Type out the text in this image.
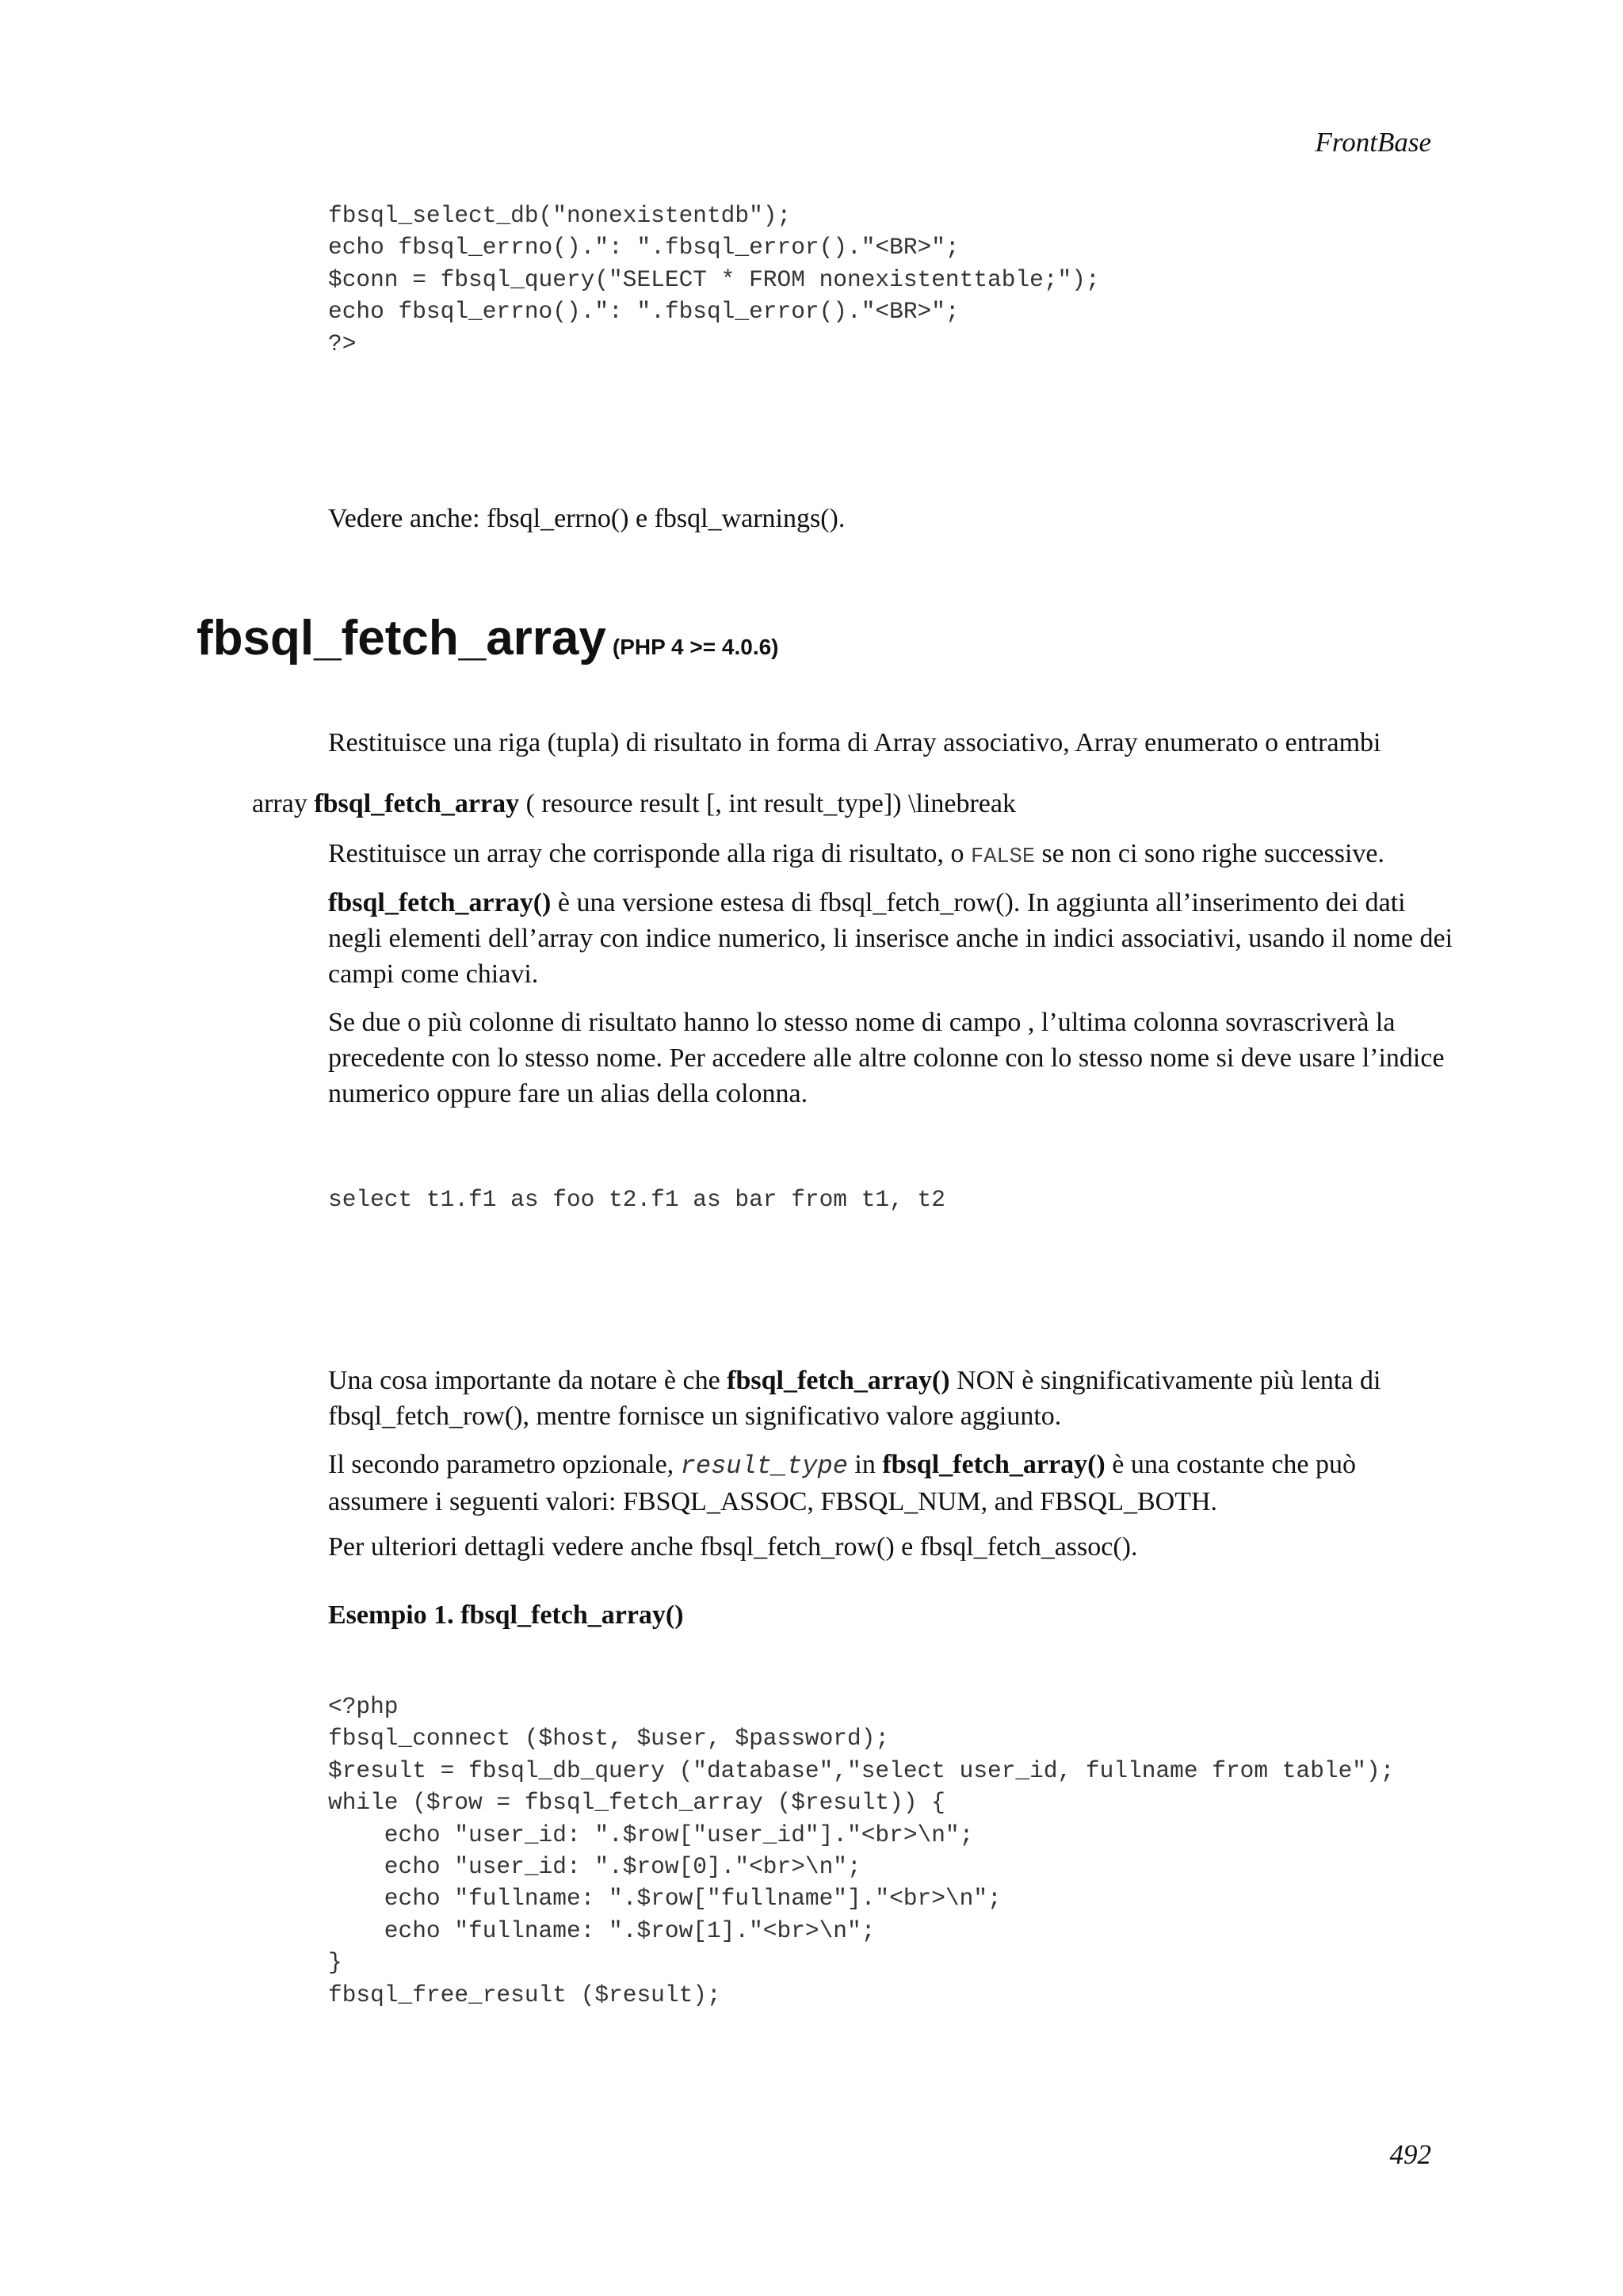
FrontBase
fbsql_select_db("nonexistentdb");
echo fbsql_errno().": ".fbsql_error()."<BR>";
$conn = fbsql_query("SELECT * FROM nonexistenttable;");
echo fbsql_errno().": ".fbsql_error()."<BR>";
?>

Vedere anche: fbsql_errno() e fbsql_warnings().

fbsql_fetch_array (PHP 4 >= 4.0.6)

Restituisce una riga (tupla) di risultato in forma di Array associativo, Array enumerato o entrambi

array fbsql_fetch_array ( resource result [, int result_type]) \linebreak

Restituisce un array che corrisponde alla riga di risultato, o FALSE se non ci sono righe successive.

fbsql_fetch_array() è una versione estesa di fbsql_fetch_row(). In aggiunta all’inserimento dei dati negli elementi dell’array con indice numerico, li inserisce anche in indici associativi, usando il nome dei campi come chiavi.

Se due o più colonne di risultato hanno lo stesso nome di campo , l’ultima colonna sovrascriverà la precedente con lo stesso nome. Per accedere alle altre colonne con lo stesso nome si deve usare l’indice numerico oppure fare un alias della colonna.

select t1.f1 as foo t2.f1 as bar from t1, t2

Una cosa importante da notare è che fbsql_fetch_array() NON è singnificativamente più lenta di fbsql_fetch_row(), mentre fornisce un significativo valore aggiunto.

Il secondo parametro opzionale, result_type in fbsql_fetch_array() è una costante che può assumere i seguenti valori: FBSQL_ASSOC, FBSQL_NUM, and FBSQL_BOTH.

Per ulteriori dettagli vedere anche fbsql_fetch_row() e fbsql_fetch_assoc().

Esempio 1. fbsql_fetch_array()
<?php
fbsql_connect ($host, $user, $password);
$result = fbsql_db_query ("database","select user_id, fullname from table");
while ($row = fbsql_fetch_array ($result)) {
echo "user_id: ".$row["user_id"]."<br>\n";
echo "user_id: ".$row[0]."<br>\n";
echo "fullname: ".$row["fullname"]."<br>\n";
echo "fullname: ".$row[1]."<br>\n";
}
fbsql_free_result ($result);
492
